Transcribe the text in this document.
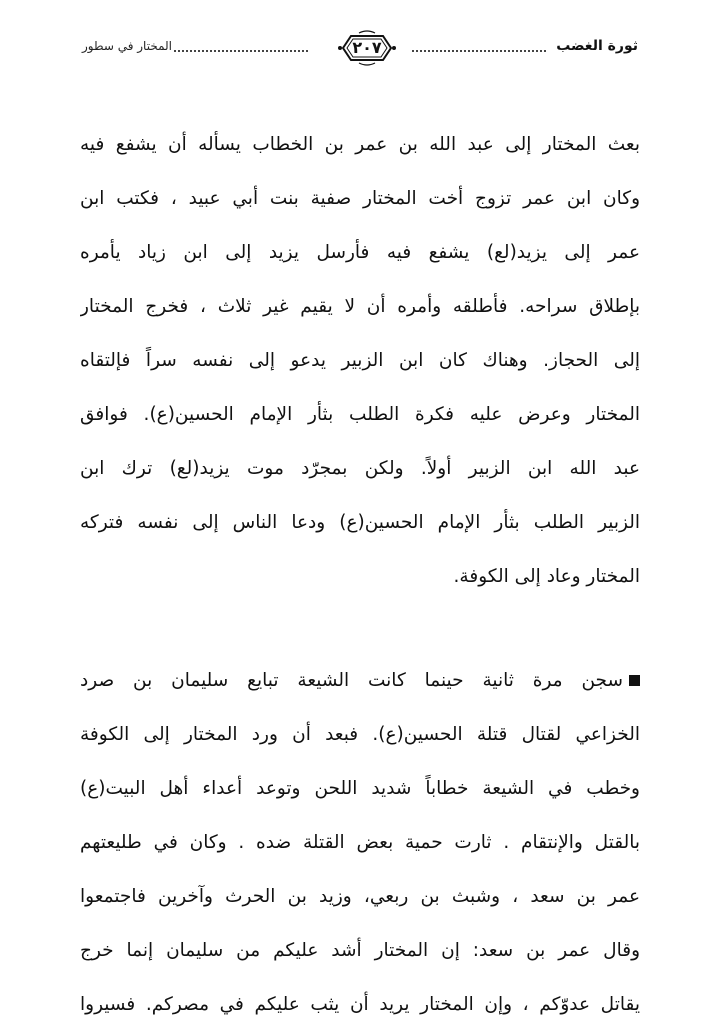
ثورة الغضب
٢٠٧
المختار في سطور
بعث المختار إلى عبد الله بن عمر بن الخطاب يسأله أن يشفع فيه
وكان ابن عمر تزوج أخت المختار صفية بنت أبي عبيد ، فكتب ابن
عمر إلى يزيد(لع) يشفع فيه فأرسل يزيد إلى ابن زياد يأمره
بإطلاق سراحه. فأطلقه وأمره أن لا يقيم غير ثلاث ، فخرج المختار
إلى الحجاز. وهناك كان ابن الزبير يدعو إلى نفسه سراً فإلتقاه
المختار وعرض عليه فكرة الطلب بثأر الإمام الحسين(ع). فوافق
عبد الله ابن الزبير أولاً. ولكن بمجرّد موت يزيد(لع) ترك ابن
الزبير الطلب بثأر الإمام الحسين(ع) ودعا الناس إلى نفسه فتركه
المختار وعاد إلى الكوفة.
سجن مرة ثانية حينما كانت الشيعة تبايع سليمان بن صرد
الخزاعي لقتال قتلة الحسين(ع). فبعد أن ورد المختار إلى الكوفة
وخطب في الشيعة خطاباً شديد اللحن وتوعد أعداء أهل البيت(ع)
بالقتل والإنتقام . ثارت حمية بعض القتلة ضده . وكان في طليعتهم
عمر بن سعد ، وشبث بن ربعي، وزيد بن الحرث وآخرين فاجتمعوا
وقال عمر بن سعد: إن المختار أشد عليكم من سليمان إنما خرج
يقاتل عدوّكم ، وإن المختار يريد أن يثب عليكم في مصركم. فسيروا
